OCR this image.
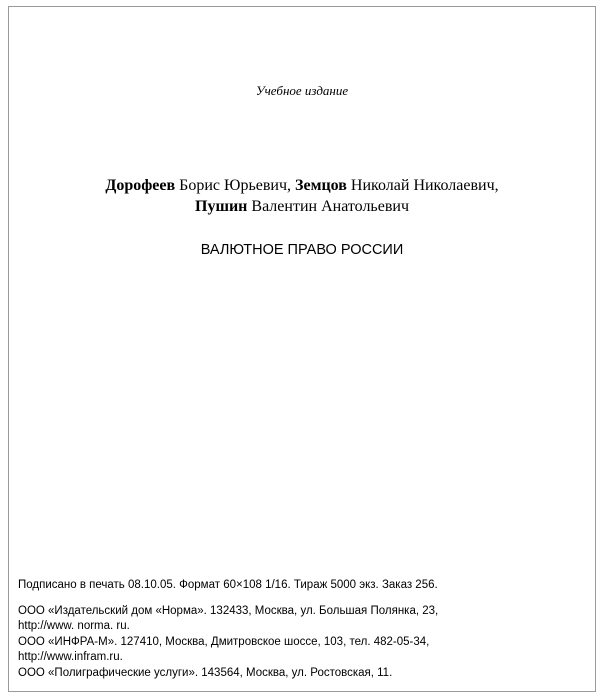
Учебное издание
Дорофеев Борис Юрьевич, Земцов Николай Николаевич,
Пушин Валентин Анатольевич
ВАЛЮТНОЕ ПРАВО РОССИИ
Подписано в печать 08.10.05. Формат 60×108 1/16. Тираж 5000 экз. Заказ 256.
ООО «Издательский дом «Норма». 132433, Москва, ул. Большая Полянка, 23,
http://www. norma. ru.
ООО «ИНФРА-М». 127410, Москва, Дмитровское шоссе, 103, тел. 482-05-34,
http://www.infram.ru.
ООО «Полиграфические услуги». 143564, Москва, ул. Ростовская, 11.
